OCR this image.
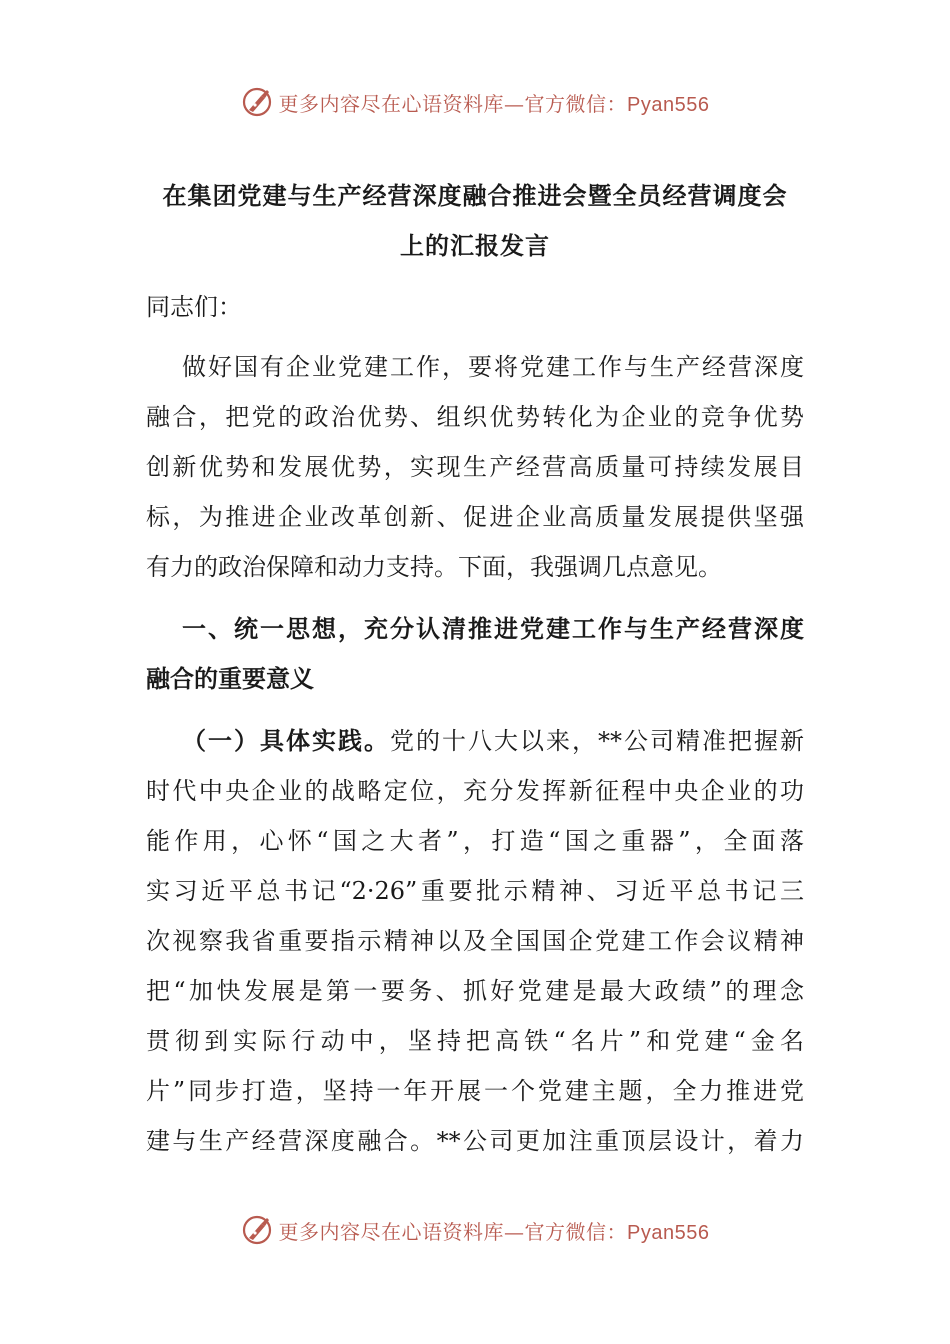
更多内容尽在心语资料库—官方微信：Pyan556
在集团党建与生产经营深度融合推进会暨全员经营调度会
上的汇报发言
同志们：
做好国有企业党建工作，要将党建工作与生产经营深度
融合，把党的政治优势、组织优势转化为企业的竞争优势
创新优势和发展优势，实现生产经营高质量可持续发展目
标，为推进企业改革创新、促进企业高质量发展提供坚强
有力的政治保障和动力支持。下面，我强调几点意见。
一、统一思想，充分认清推进党建工作与生产经营深度
融合的重要意义
（一）具体实践。党的十八大以来，**公司精准把握新
时代中央企业的战略定位，充分发挥新征程中央企业的功
能作用，心怀“国之大者”，打造“国之重器”，全面落
实习近平总书记“2·26”重要批示精神、习近平总书记三
次视察我省重要指示精神以及全国国企党建工作会议精神
把“加快发展是第一要务、抓好党建是最大政绩”的理念
贯彻到实际行动中，坚持把高铁“名片”和党建“金名
片”同步打造，坚持一年开展一个党建主题，全力推进党
建与生产经营深度融合。**公司更加注重顶层设计，着力
更多内容尽在心语资料库—官方微信：Pyan556
